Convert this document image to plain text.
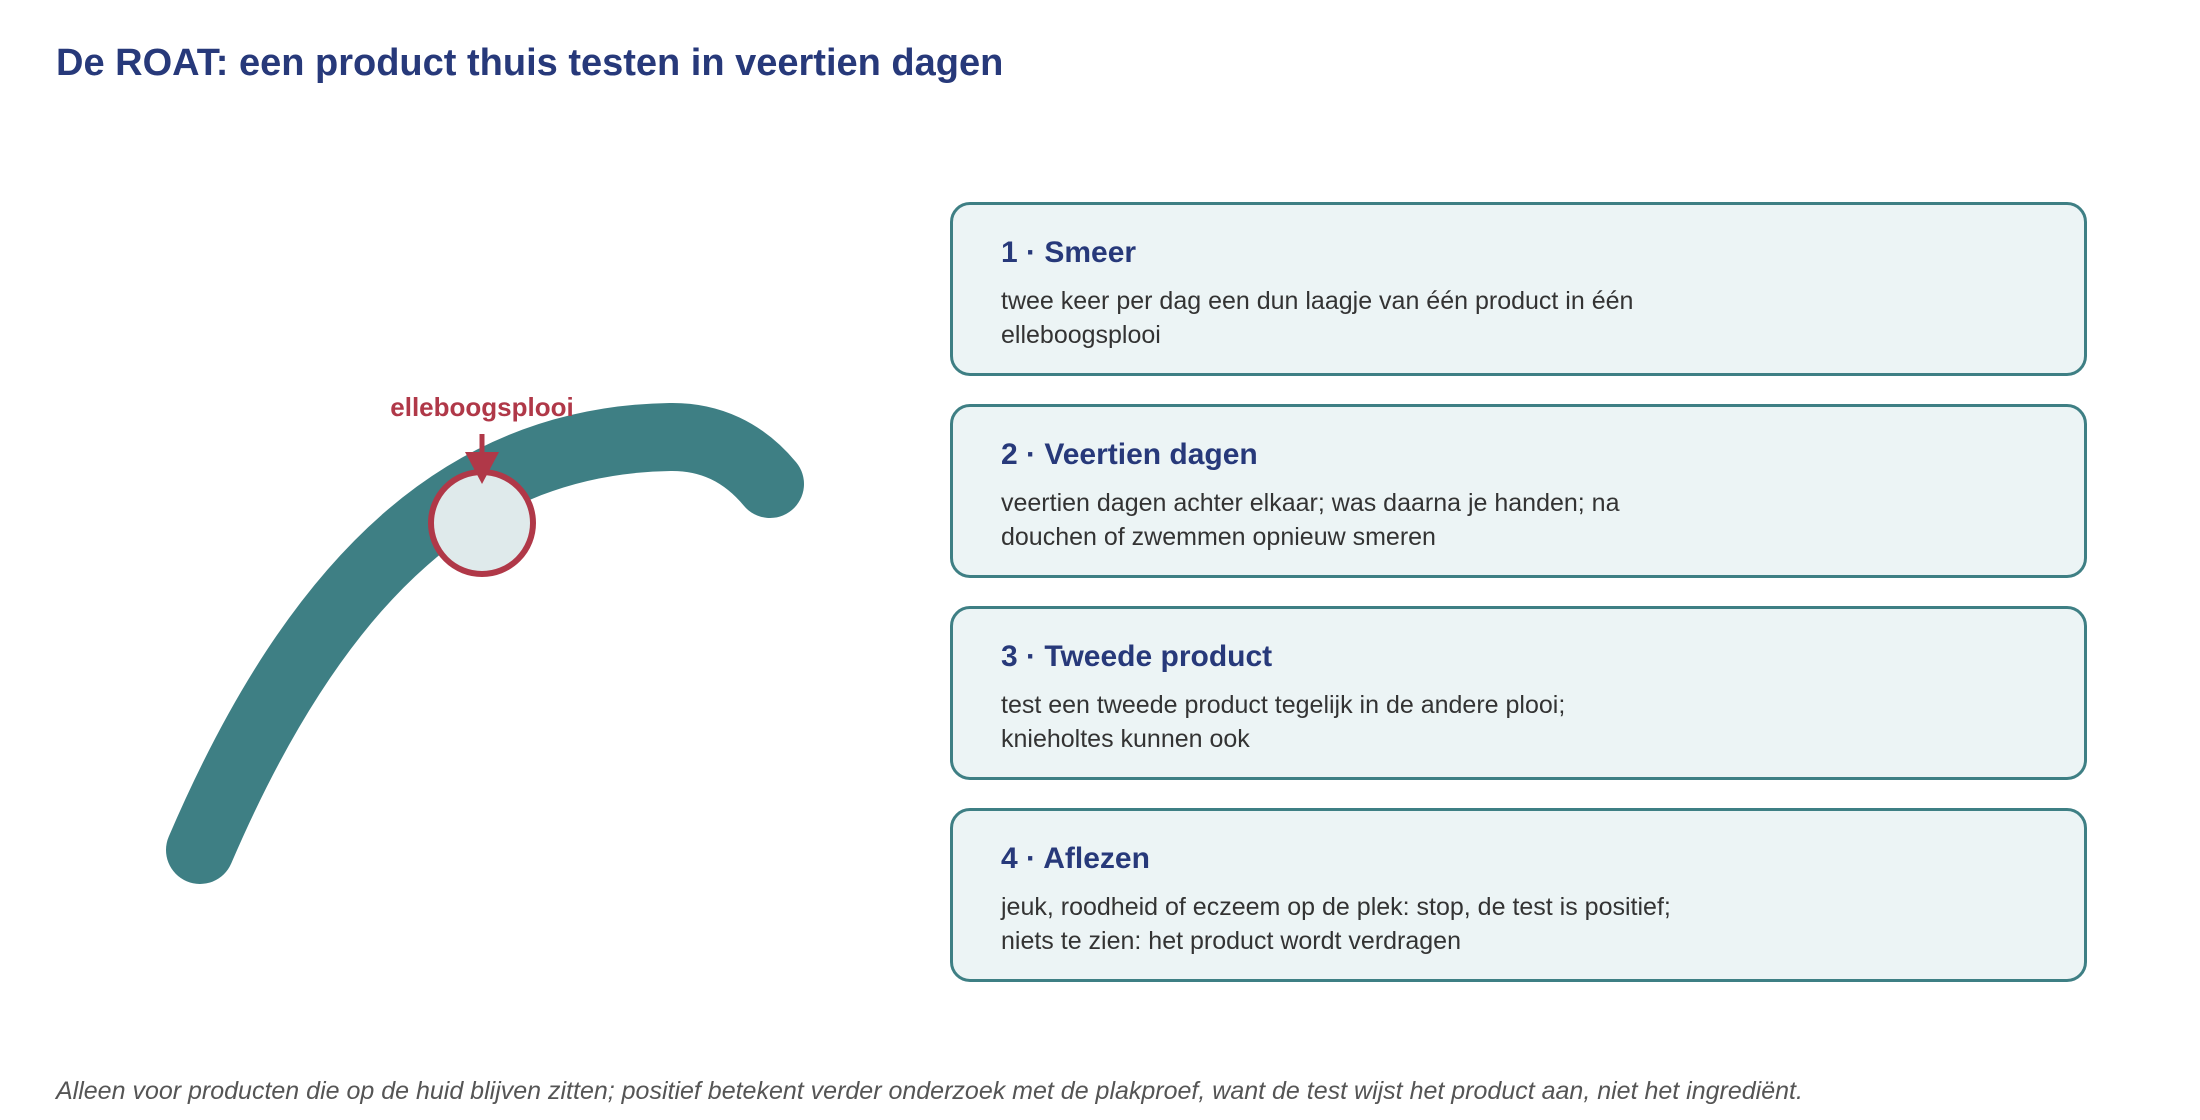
De ROAT: een product thuis testen in veertien dagen
elleboogsplooi

1 · Smeer

twee keer per dag een dun laagje van één product in één elleboogsplooi

2 · Veertien dagen

veertien dagen achter elkaar; was daarna je handen; na douchen of zwemmen opnieuw smeren

3 · Tweede product

test een tweede product tegelijk in de andere plooi; knieholtes kunnen ook

4 · Aflezen

jeuk, roodheid of eczeem op de plek: stop, de test is positief; niets te zien: het product wordt verdragen

Alleen voor producten die op de huid blijven zitten; positief betekent verder onderzoek met de plakproef, want de test wijst het product aan, niet het ingrediënt.
